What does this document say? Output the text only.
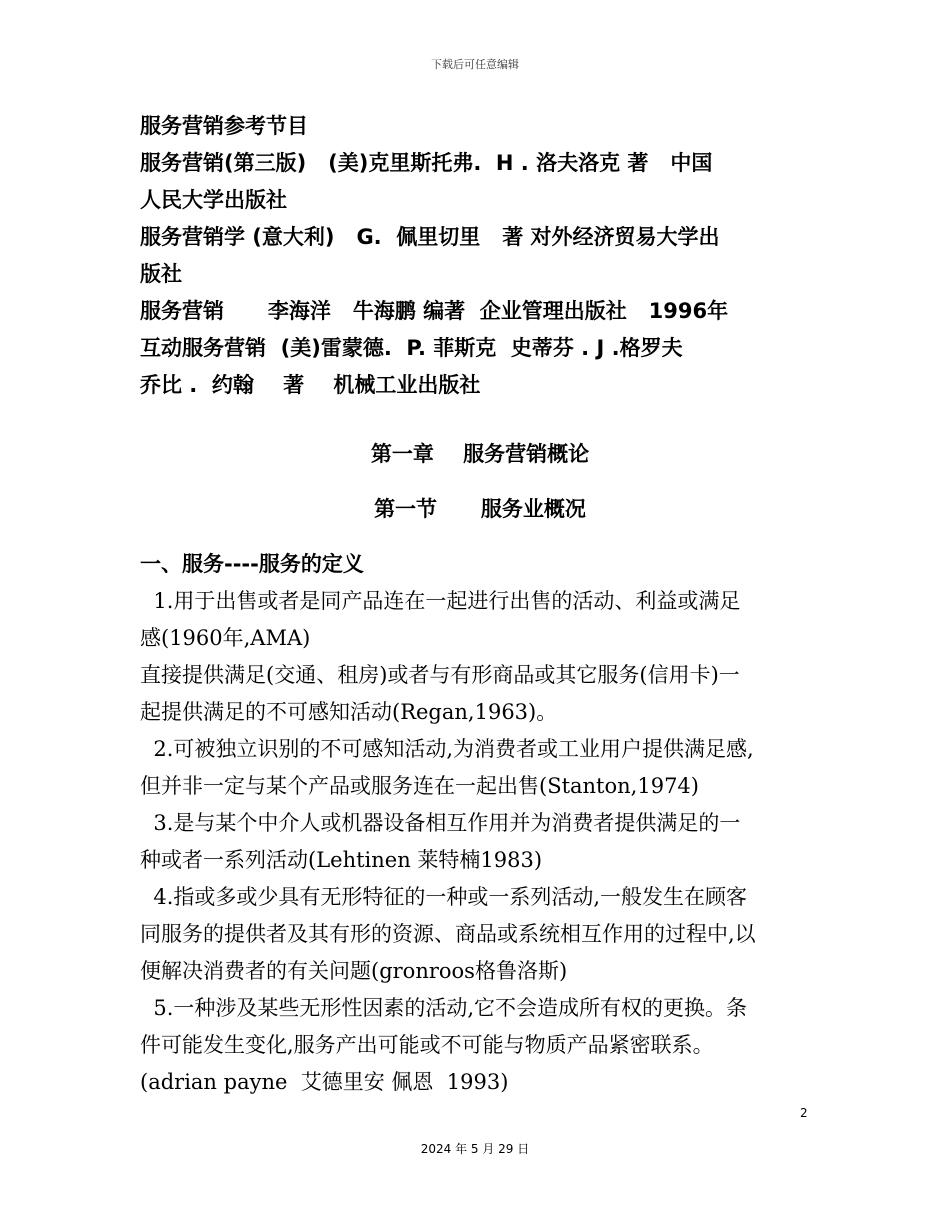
下载后可任意编辑
服务营销参考节目
服务营销(第三版)   (美)克里斯托弗.  H . 洛夫洛克 著   中国
人民大学出版社
服务营销学 (意大利)   G.  佩里切里   著 对外经济贸易大学出
版社
服务营销      李海洋   牛海鹏 编著  企业管理出版社   1996年
互动服务营销  (美)雷蒙德.  P. 菲斯克  史蒂芬 . J .格罗夫
乔比 .  约翰    著    机械工业出版社
第一章    服务营销概论
第一节      服务业概况
一、服务----服务的定义
1.用于出售或者是同产品连在一起进行出售的活动、利益或满足
感(1960年,AMA)
直接提供满足(交通、租房)或者与有形商品或其它服务(信用卡)一
起提供满足的不可感知活动(Regan,1963)。
2.可被独立识别的不可感知活动,为消费者或工业用户提供满足感,
但并非一定与某个产品或服务连在一起出售(Stanton,1974)
3.是与某个中介人或机器设备相互作用并为消费者提供满足的一
种或者一系列活动(Lehtinen 莱特楠1983)
4.指或多或少具有无形特征的一种或一系列活动,一般发生在顾客
同服务的提供者及其有形的资源、商品或系统相互作用的过程中,以
便解决消费者的有关问题(gronroos格鲁洛斯)
5.一种涉及某些无形性因素的活动,它不会造成所有权的更换。条
件可能发生变化,服务产出可能或不可能与物质产品紧密联系。
(adrian payne  艾德里安 佩恩  1993)
2
2024 年 5 月 29 日
